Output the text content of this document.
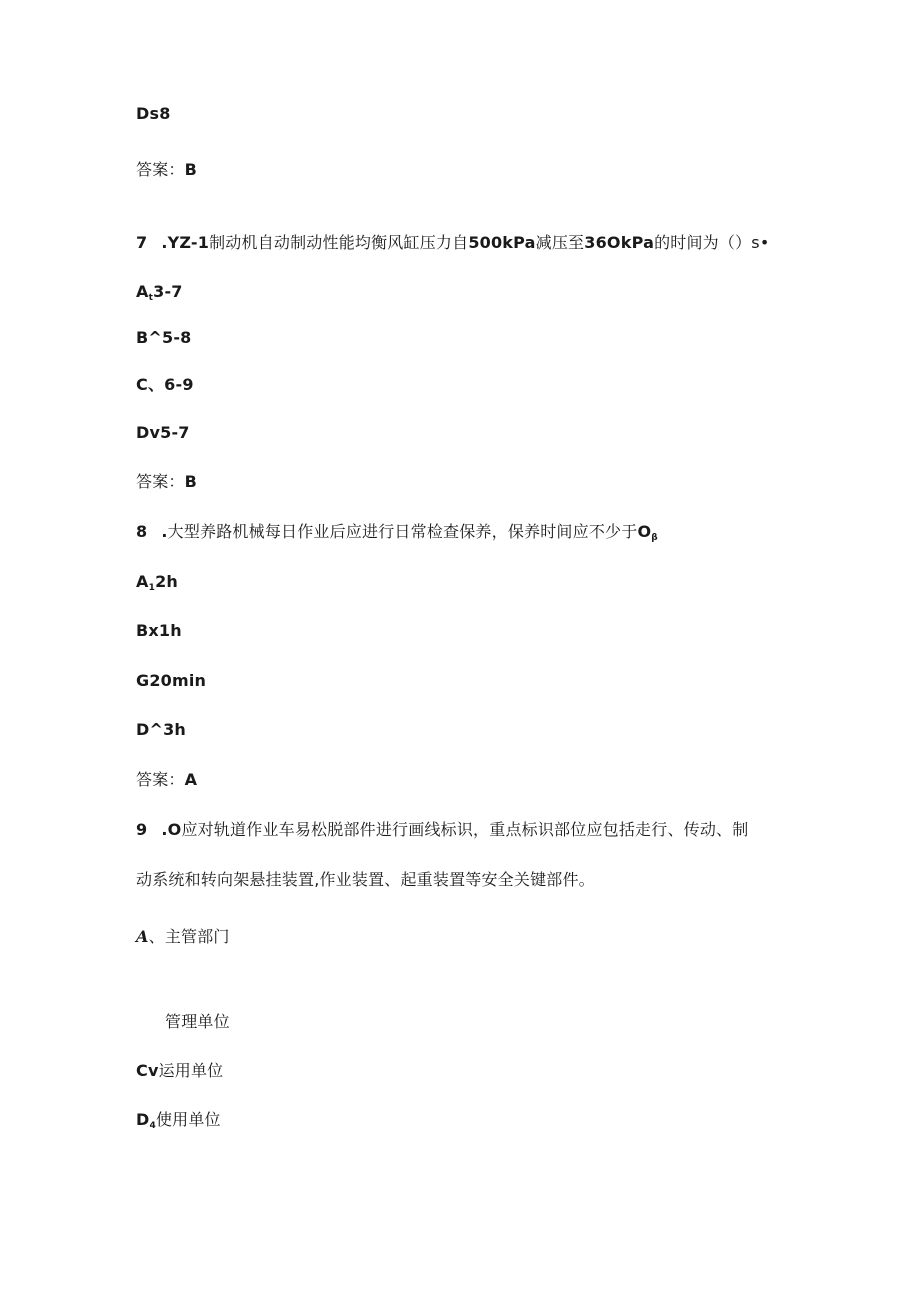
Ds8
答案：B
7 .YZ-1制动机自动制动性能均衡风缸压力自500kPa减压至36OkPa的时间为（）s•
$A_t3-7$
B^5-8
C、6-9
Dv5-7
答案：B
8 .大型养路机械每日作业后应进行日常检查保养，保养时间应不少于$O_\beta$
$A_12h$
Bx1h
G20min
D^3h
答案：A
9 .O应对轨道作业车易松脱部件进行画线标识，重点标识部位应包括走行、传动、制
动系统和转向架悬挂装置,作业装置、起重装置等安全关键部件。
A、主管部门
管理单位
Cv运用单位
$D_4$使用单位
